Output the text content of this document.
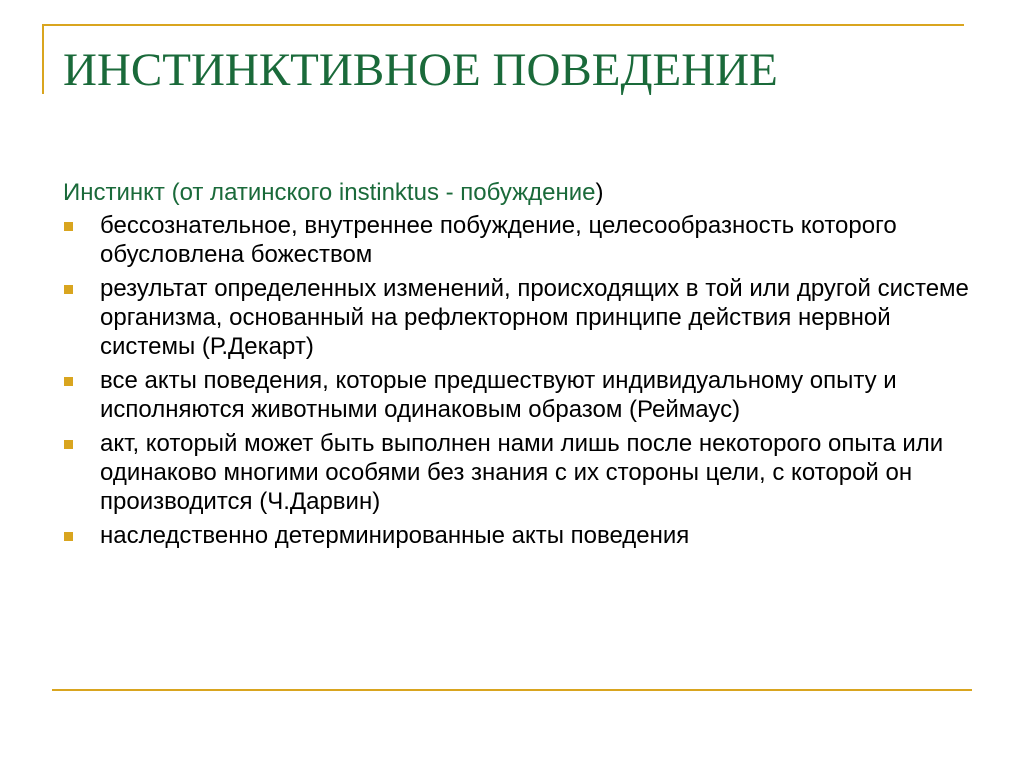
ИНСТИНКТИВНОЕ ПОВЕДЕНИЕ

Инстинкт (от латинского instinktus - побуждение)

бессознательное, внутреннее побуждение, целесообразность которого обусловлена божеством
результат определенных изменений, происходящих в той или другой системе организма, основанный на рефлекторном принципе действия нервной системы (Р.Декарт)
все акты поведения, которые предшествуют индивидуальному опыту и исполняются животными одинаковым образом (Реймаус)
акт, который может быть выполнен нами лишь после некоторого опыта или одинаково многими особями без знания с их стороны цели, с которой он производится (Ч.Дарвин)
наследственно детерминированные акты поведения
